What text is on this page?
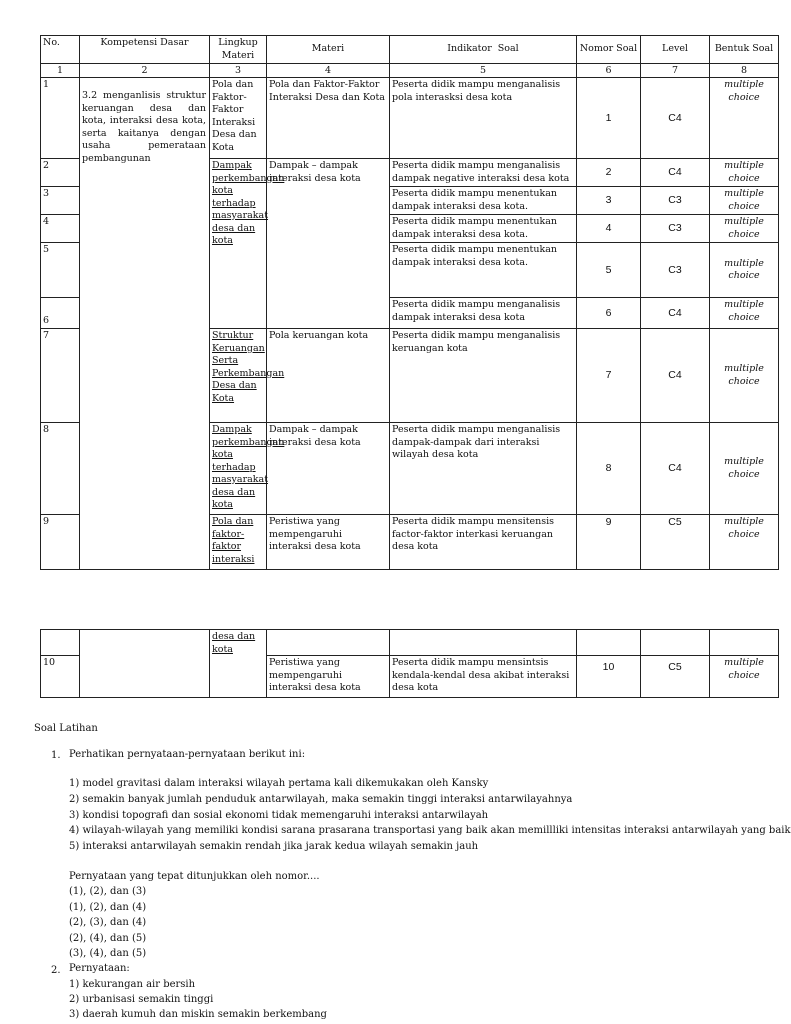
No.	Kompetensi Dasar	Lingkup Materi	Materi	Indikator  Soal	Nomor Soal	Level	Bentuk Soal
1	2	3	4	5	6	7	8
1	3.2 menganlisis struktur keruangan desa dan kota, interaksi desa kota, serta kaitanya dengan usaha pemerataan pembangunan	Pola dan Faktor-Faktor Interaksi Desa dan Kota	Pola dan Faktor-Faktor Interaksi Desa dan Kota	Peserta didik mampu menganalisis pola interasksi desa kota	1	C4	multiple choice
2		Dampak perkembangan kota terhadap masyarakat desa dan kota	Dampak – dampak interaksi desa kota	Peserta didik mampu menganalisis dampak negative interaksi desa kota	2	C4	multiple choice
3				Peserta didik mampu menentukan dampak interaksi desa kota.	3	C3	multiple choice
4				Peserta didik mampu menentukan dampak interaksi desa kota.	4	C3	multiple choice
5				Peserta didik mampu menentukan dampak interaksi desa kota.	5	C3	multiple choice
6				Peserta didik mampu menganalisis dampak interaksi desa kota	6	C4	multiple choice
7		Struktur Keruangan Serta Perkembangan Desa dan Kota	Pola keruangan kota	Peserta didik mampu menganalisis keruangan kota	7	C4	multiple choice
8		Dampak perkembangan kota terhadap masyarakat desa dan kota	Dampak – dampak interaksi desa kota	Peserta didik mampu menganalisis dampak-dampak dari interaksi wilayah desa kota	8	C4	multiple choice
9		Pola dan faktor-faktor interaksi	Peristiwa yang mempengaruhi interaksi desa kota	Peserta didik mampu mensitensis factor-faktor interkasi keruangan desa kota	9	C5	multiple choice
		desa dan kota					
10			Peristiwa yang mempengaruhi interaksi desa kota	Peserta didik mampu mensintsis kendala-kendal desa akibat interaksi desa kota	10	C5	multiple choice
Soal Latihan
1. Perhatikan pernyataan-pernyataan berikut ini:
1) model gravitasi dalam interaksi wilayah pertama kali dikemukakan oleh Kansky
2) semakin banyak jumlah penduduk antarwilayah, maka semakin tinggi interaksi antarwilayahnya
3) kondisi topografi dan sosial ekonomi tidak memengaruhi interaksi antarwilayah
4) wilayah-wilayah yang memiliki kondisi sarana prasarana transportasi yang baik akan memillliki intensitas interaksi antarwilayah yang baik
5) interaksi antarwilayah semakin rendah jika jarak kedua wilayah semakin jauh
Pernyataan yang tepat ditunjukkan oleh nomor....
(1), (2), dan (3)
(1), (2), dan (4)
(2), (3), dan (4)
(2), (4), dan (5)
(3), (4), dan (5)
2. Pernyataan:
1) kekurangan air bersih
2) urbanisasi semakin tinggi
3) daerah kumuh dan miskin semakin berkembang
